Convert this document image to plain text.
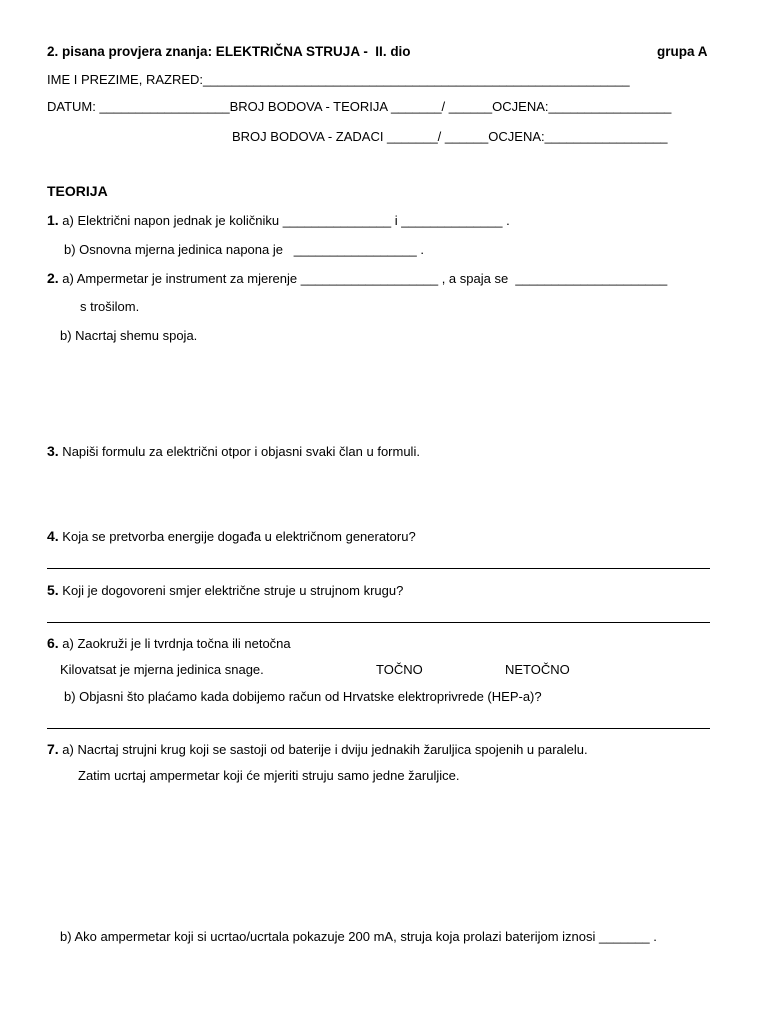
2. pisana provjera znanja: ELEKTRIČNA STRUJA -  II. dio	grupa A
IME I PREZIME, RAZRED:___________________________________________________________
DATUM: __________________BROJ BODOVA - TEORIJA _______/ ______OCJENA:_________________
BROJ BODOVA - ZADACI _______/ ______OCJENA:_________________
TEORIJA
1. a) Električni napon jednak je količniku _______________ i ______________ .
b) Osnovna mjerna jedinica napona je   _________________ .
2. a) Ampermetar je instrument za mjerenje ___________________ , a spaja se  _____________________
s trošilom.
b) Nacrtaj shemu spoja.
3. Napiši formulu za električni otpor i objasni svaki član u formuli.
4. Koja se pretvorba energije događa u električnom generatoru?
5. Koji je dogovoreni smjer električne struje u strujnom krugu?
6. a) Zaokruži je li tvrdnja točna ili netočna
Kilovatsat je mjerna jedinica snage.	TOČNO	NETOČNO
b) Objasni što plaćamo kada dobijemo račun od Hrvatske elektroprivrede (HEP-a)?
7. a) Nacrtaj strujni krug koji se sastoji od baterije i dviju jednakih žaruljica spojenih u paralelu.
Zatim ucrtaj ampermetar koji će mjeriti struju samo jedne žaruljice.
b) Ako ampermetar koji si ucrtao/ucrtala pokazuje 200 mA, struja koja prolazi baterijom iznosi _______ .
